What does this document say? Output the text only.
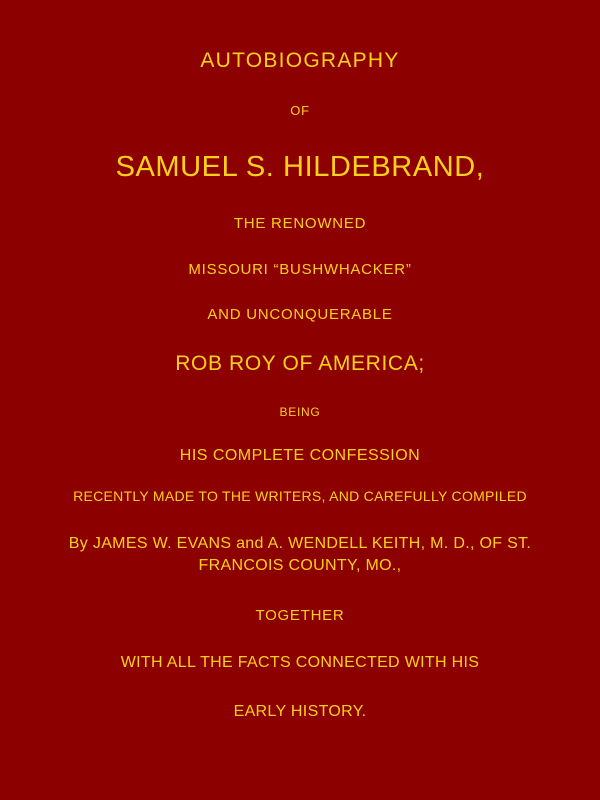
AUTOBIOGRAPHY
OF
SAMUEL S. HILDEBRAND,
THE RENOWNED
MISSOURI “BUSHWHACKER”
AND UNCONQUERABLE
ROB ROY OF AMERICA;
BEING
HIS COMPLETE CONFESSION
RECENTLY MADE TO THE WRITERS, AND CAREFULLY COMPILED
By JAMES W. EVANS and A. WENDELL KEITH, M. D., OF ST. FRANCOIS COUNTY, MO.,
TOGETHER
WITH ALL THE FACTS CONNECTED WITH HIS
EARLY HISTORY.
